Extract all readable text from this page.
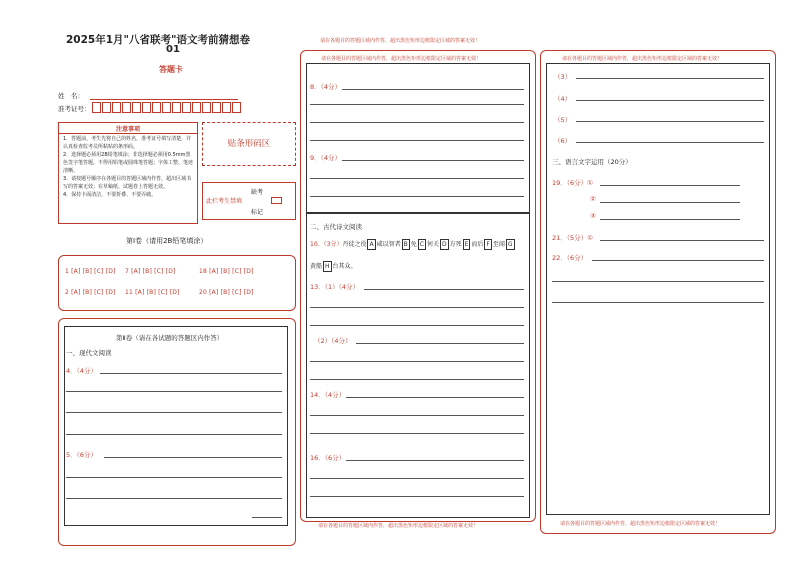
2025年1月"八省联考"语文考前猜想卷
01
答题卡
姓　名：
准考证号：
注意事项

1．答题前，考生先将自己的姓名，准考证号填写清楚，并认真检查监考员所粘贴的条形码。

2．选择题必须用2B铅笔填涂；非选择题必须用0.5mm黑色签字笔答题，不得用铅笔或圆珠笔答题；字体工整、笔迹清晰。

3．请按题号顺序在各题目的答题区域内作答，超出区域书写的答案无效；在草稿纸、试题卷上答题无效。

4．保持卡面清洁，不要折叠、不要弄破。

贴条形码区
此栏考生禁填
缺考
标记
第Ⅰ卷（请用2B铅笔填涂）
1 [A] [B] [C] [D] 7 [A] [B] [C] [D]	18 [A] [B] [C] [D]
2 [A] [B] [C] [D] 11 [A] [B] [C] [D]	20 [A] [B] [C] [D]
第Ⅱ卷（请在各试题的答题区内作答）
一、现代文阅读
4．（4分）
5．（6分）
请在各题目的答题区域内作答，超出黑色矩形边框限定区域的答案无效！
请在各题目的答题区域内作答，超出黑色矩形边框限定区域的答案无效！
8．（4分）
9．（4分）
二、古代诗文阅读
10．（3分）丹徒之役 A 咸以智者 B 免 C 何关 D 方死 E 而后 F 至闻 G
黄船 H 台其众。
13．（1）（4分）
（2）（4分）
14．（4分）
16．（6分）
请在各题目的答题区域内作答，超出黑色矩形边框限定区域的答案无效！
请在各题目的答题区域内作答，超出黑色矩形边框限定区域的答案无效！
（3）
（4）
（5）
（6）
三、语言文字运用（20分）
19．（6分）①
②
③
21．（5分）①
22．（6分）
请在各题目的答题区域内作答，超出黑色矩形边框限定区域的答案无效！
